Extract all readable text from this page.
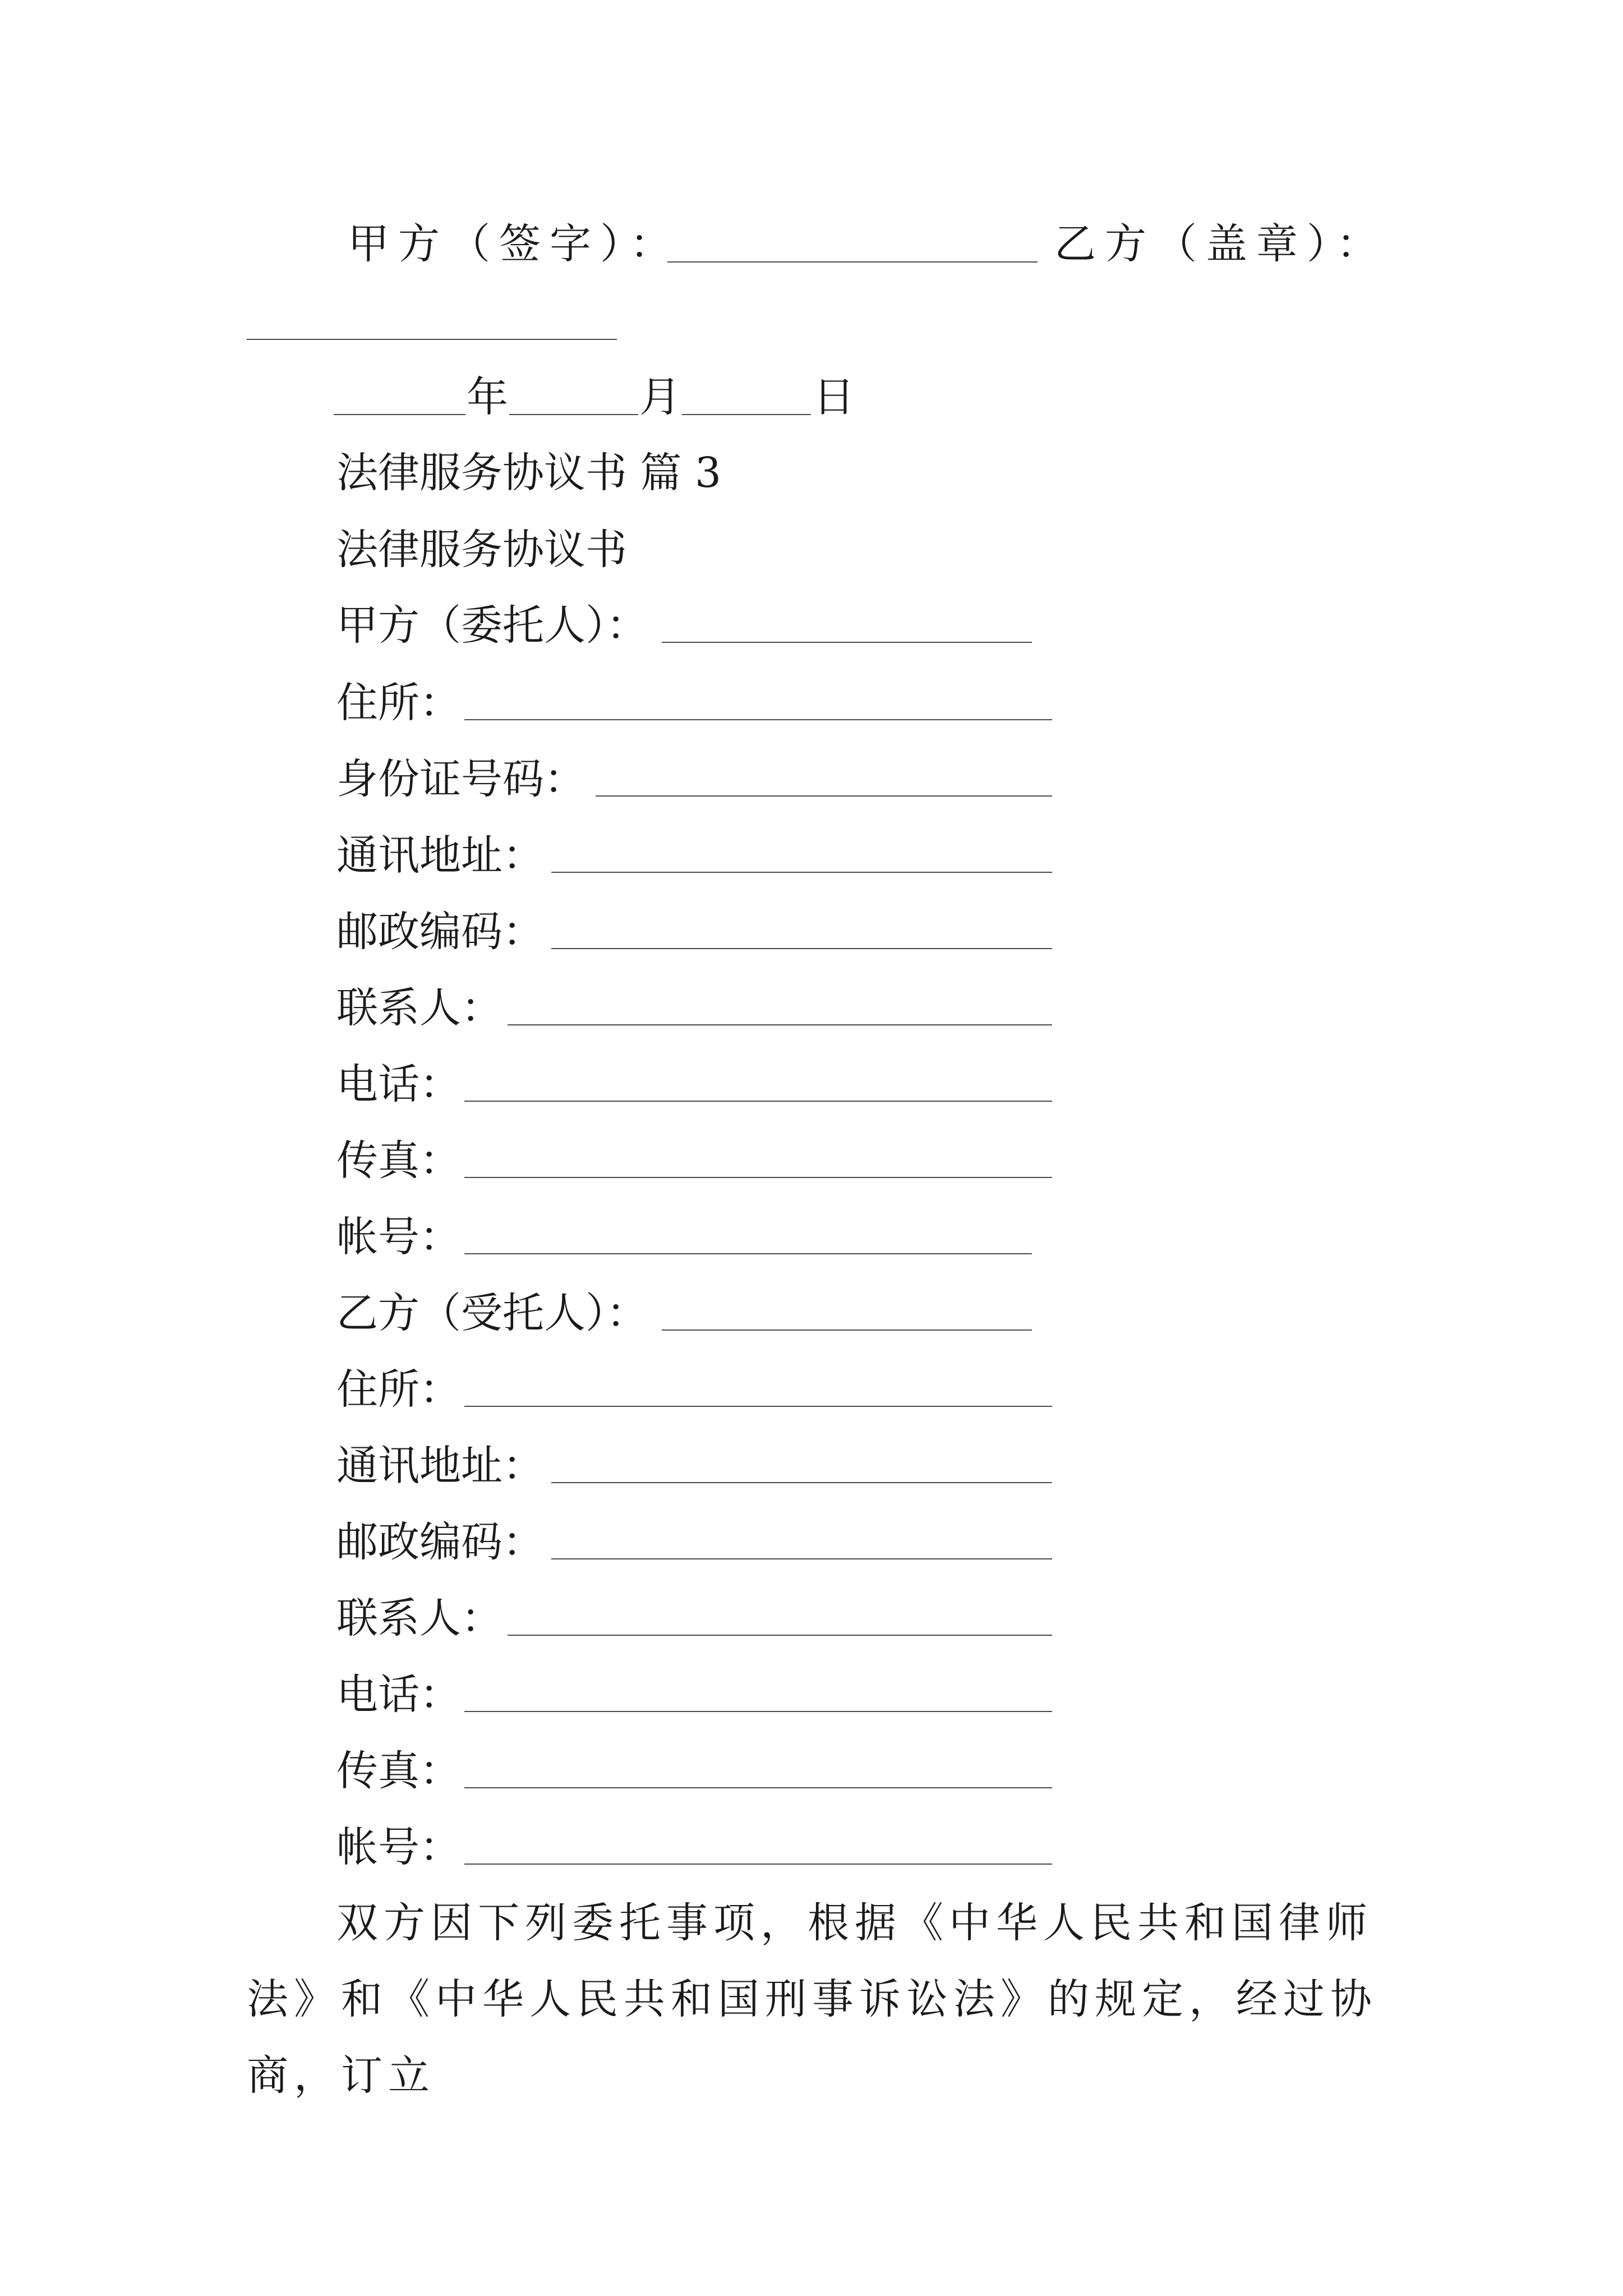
甲方（签字）：	乙方（盖章）：
年	月	日
法律服务协议书 篇 3
法律服务协议书
甲方（委托人）：
住所：
身份证号码：
通讯地址：
邮政编码：
联系人：
电话：
传真：
帐号：
乙方（受托人）：
住所：
通讯地址：
邮政编码：
联系人：
电话：
传真：
帐号：

双方因下列委托事项，根据《中华人民共和国律师法》和《中华人民共和国刑事诉讼法》的规定，经过协商，订立
